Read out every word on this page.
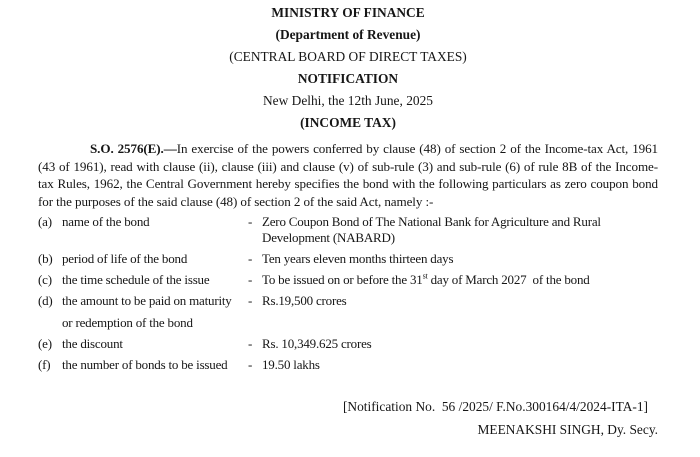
MINISTRY OF FINANCE
(Department of Revenue)
(CENTRAL BOARD OF DIRECT TAXES)
NOTIFICATION
New Delhi, the 12th June, 2025
(INCOME TAX)

S.O. 2576(E).—In exercise of the powers conferred by clause (48) of section 2 of the Income-tax Act, 1961 (43 of 1961), read with clause (ii), clause (iii) and clause (v) of sub-rule (3) and sub-rule (6) of rule 8B of the Income-tax Rules, 1962, the Central Government hereby specifies the bond with the following particulars as zero coupon bond for the purposes of the said clause (48) of section 2 of the said Act, namely :-

(a) name of the bond	- Zero Coupon Bond of The National Bank for Agriculture and Rural Development (NABARD)
(b) period of life of the bond	- Ten years eleven months thirteen days
(c) the time schedule of the issue	- To be issued on or before the 31st day of March 2027  of the bond
(d) the amount to be paid on maturity	- Rs.19,500 crores
or redemption of the bond
(e) the discount	- Rs. 10,349.625 crores
(f) the number of bonds to be issued	- 19.50 lakhs
[Notification No.  56 /2025/ F.No.300164/4/2024-ITA-1]
MEENAKSHI SINGH, Dy. Secy.
